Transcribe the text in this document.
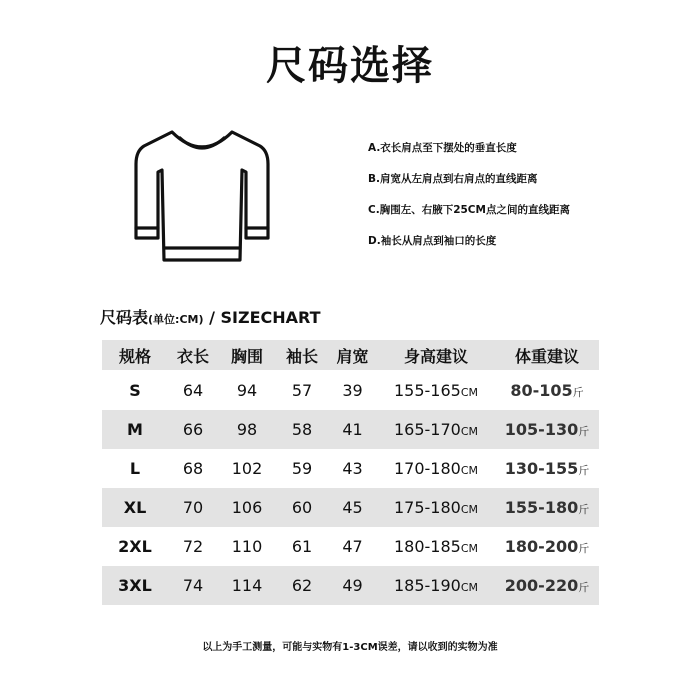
尺码选择
A.衣长肩点至下摆处的垂直长度
B.肩宽从左肩点到右肩点的直线距离
C.胸围左、右腋下25CM点之间的直线距离
D.袖长从肩点到袖口的长度
尺码表(单位:CM) / SIZECHART
规格	衣长	胸围	袖长	肩宽	身高建议	体重建议
S	64	94	57	39	155-165CM	80-105斤
M	66	98	58	41	165-170CM	105-130斤
L	68	102	59	43	170-180CM	130-155斤
XL	70	106	60	45	175-180CM	155-180斤
2XL	72	110	61	47	180-185CM	180-200斤
3XL	74	114	62	49	185-190CM	200-220斤
以上为手工测量，可能与实物有1-3CM误差，请以收到的实物为准
